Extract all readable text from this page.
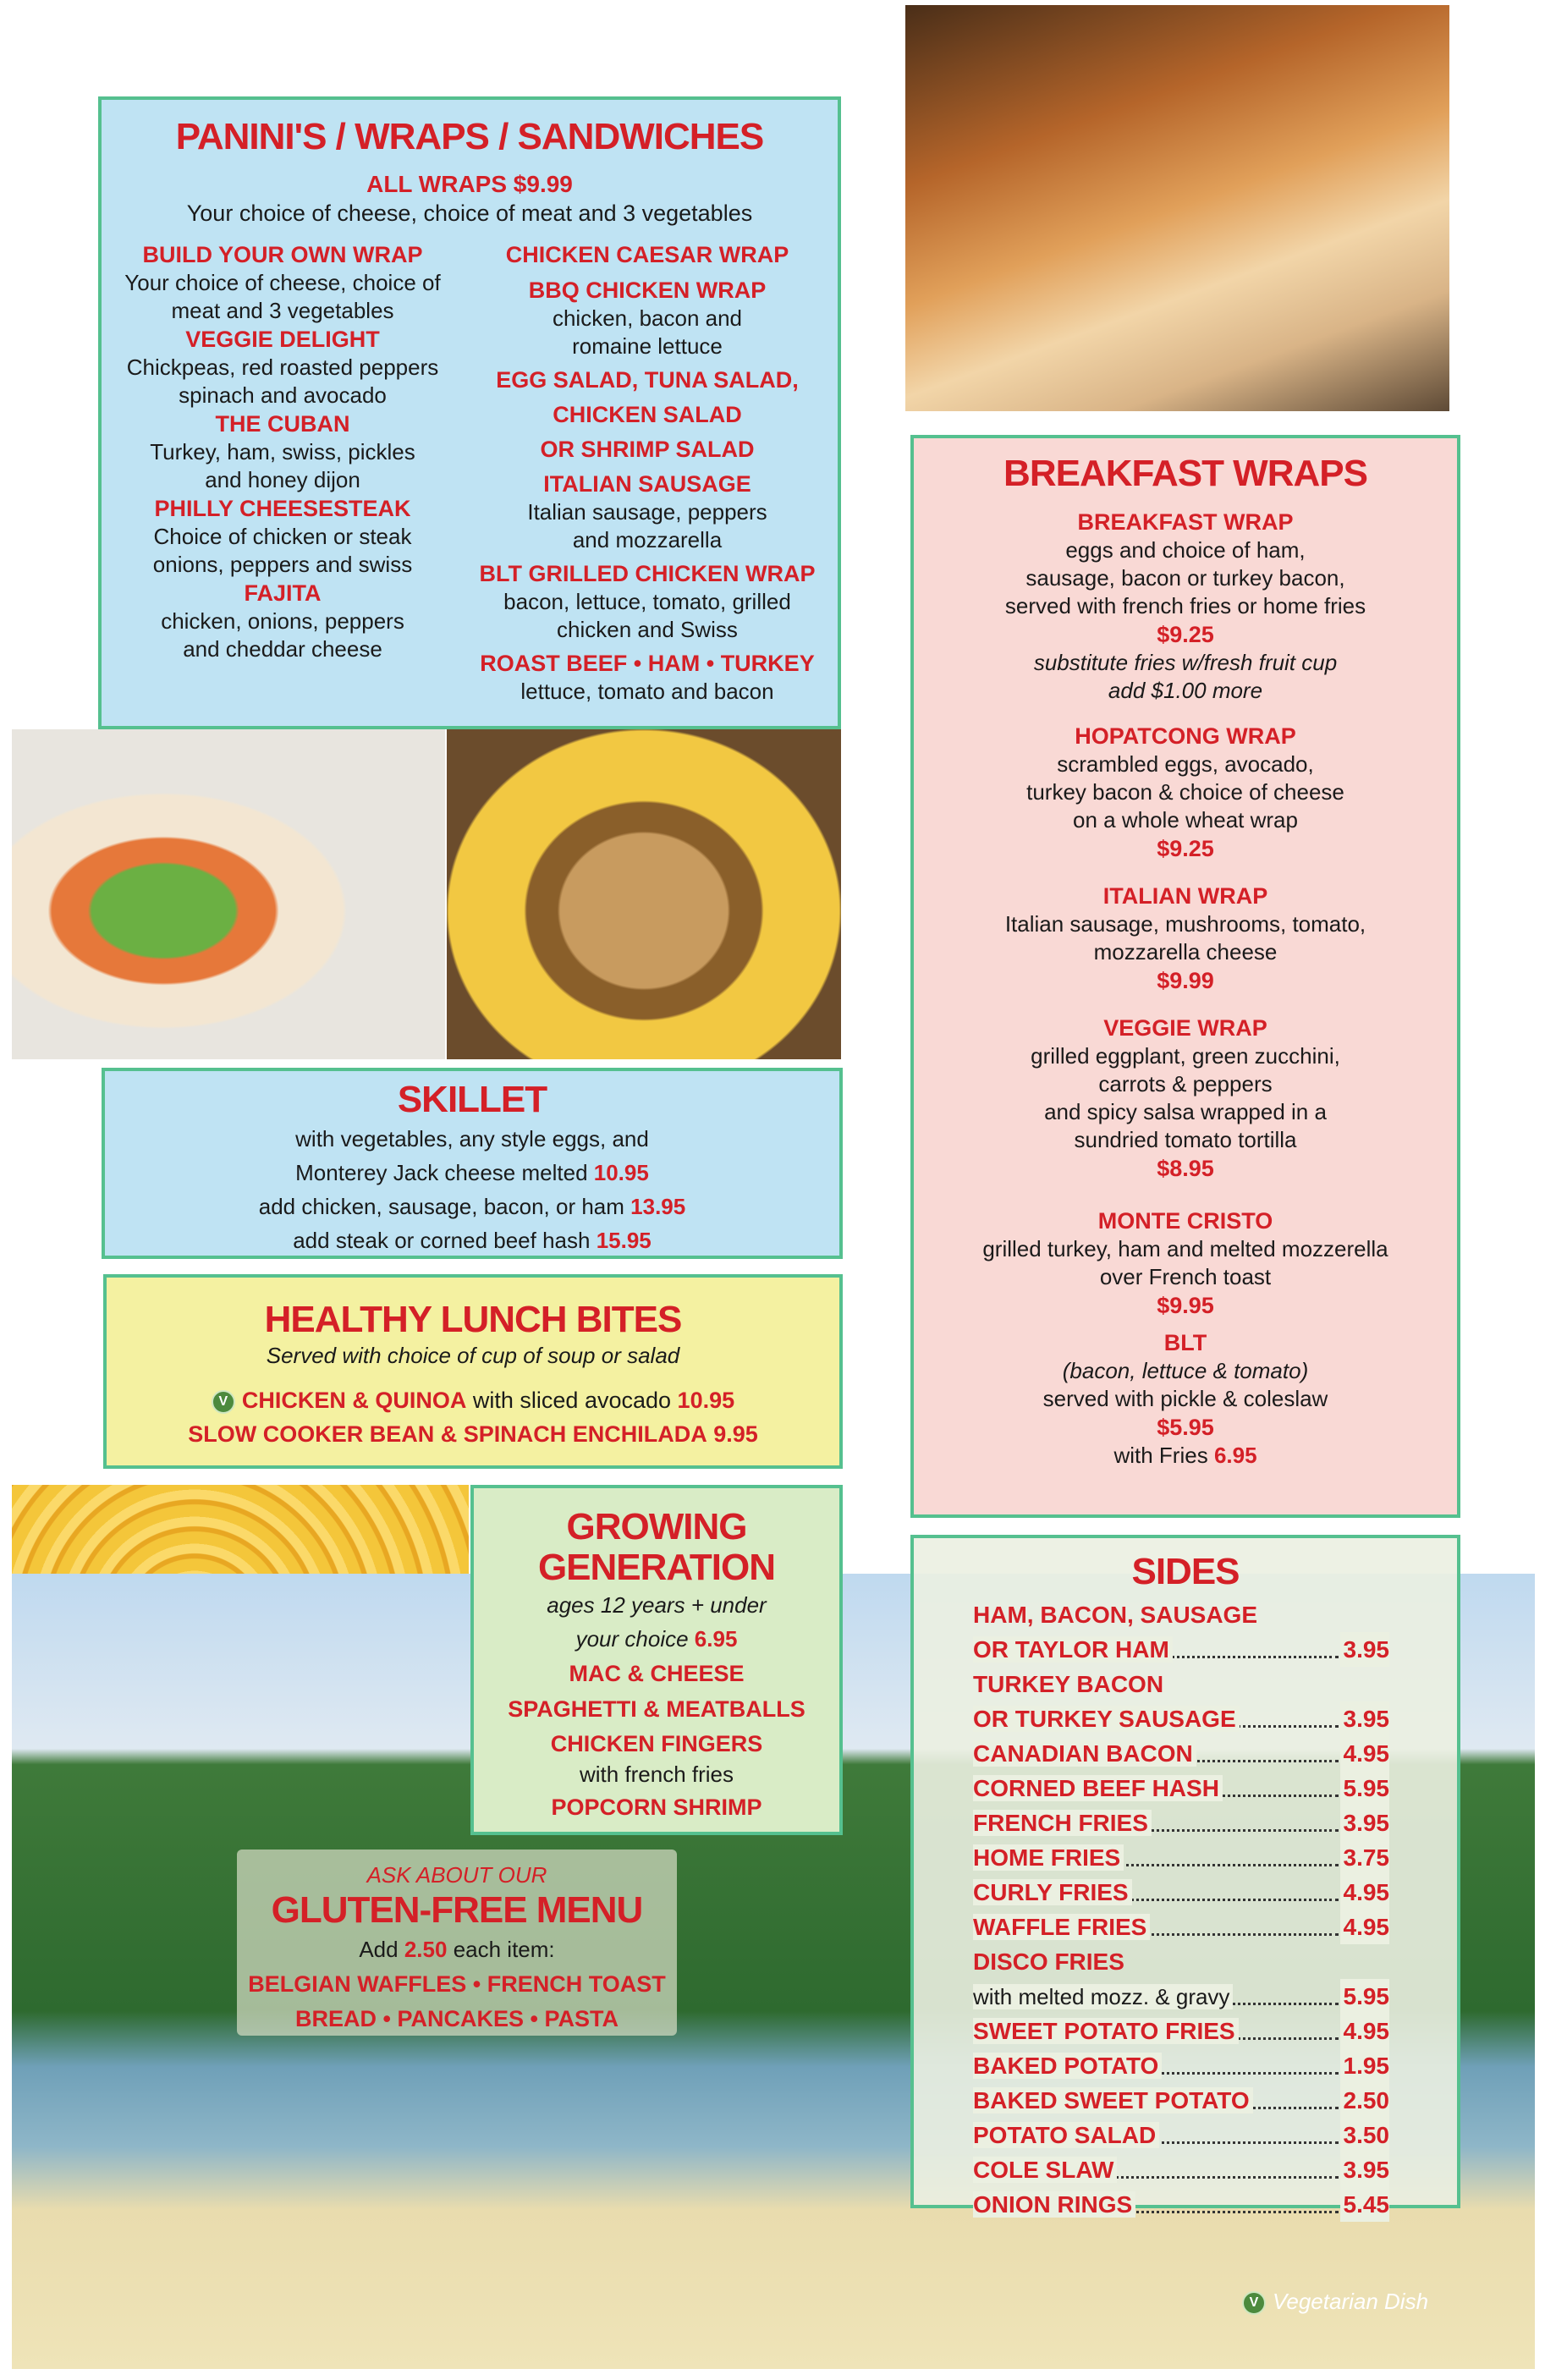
PANINI'S / WRAPS / SANDWICHES
ALL WRAPS $9.99
Your choice of cheese, choice of meat and 3 vegetables
BUILD YOUR OWN WRAP
Your choice of cheese, choice of
meat and 3 vegetables
VEGGIE DELIGHT
Chickpeas, red roasted peppers
spinach and avocado
THE CUBAN
Turkey, ham, swiss, pickles
and honey dijon
PHILLY CHEESESTEAK
Choice of chicken or steak
onions, peppers and swiss
FAJITA
chicken, onions, peppers
and cheddar cheese
CHICKEN CAESAR WRAP
BBQ CHICKEN WRAP
chicken, bacon and
romaine lettuce
EGG SALAD, TUNA SALAD,
CHICKEN SALAD
OR SHRIMP SALAD
ITALIAN SAUSAGE
Italian sausage, peppers
and mozzarella
BLT GRILLED CHICKEN WRAP
bacon, lettuce, tomato, grilled
chicken and Swiss
ROAST BEEF • HAM • TURKEY
lettuce, tomato and bacon
SKILLET
with vegetables, any style eggs, and
Monterey Jack cheese melted 10.95
add chicken, sausage, bacon, or ham 13.95
add steak or corned beef hash 15.95
HEALTHY LUNCH BITES
Served with choice of cup of soup or salad
V CHICKEN & QUINOA with sliced avocado 10.95
SLOW COOKER BEAN & SPINACH ENCHILADA 9.95
GROWING
GENERATION
ages 12 years + under
your choice 6.95
MAC & CHEESE
SPAGHETTI & MEATBALLS
CHICKEN FINGERS
with french fries
POPCORN SHRIMP
ASK ABOUT OUR
GLUTEN-FREE MENU
Add 2.50 each item:
BELGIAN WAFFLES • FRENCH TOAST
BREAD • PANCAKES • PASTA
BREAKFAST WRAPS
BREAKFAST WRAP
eggs and choice of ham,
sausage, bacon or turkey bacon,
served with french fries or home fries
$9.25
substitute fries w/fresh fruit cup
add $1.00 more
HOPATCONG WRAP
scrambled eggs, avocado,
turkey bacon & choice of cheese
on a whole wheat wrap
$9.25
ITALIAN WRAP
Italian sausage, mushrooms, tomato,
mozzarella cheese
$9.99
VEGGIE WRAP
grilled eggplant, green zucchini,
carrots & peppers
and spicy salsa wrapped in a
sundried tomato tortilla
$8.95
MONTE CRISTO
grilled turkey, ham and melted mozzerella
over French toast
$9.95
BLT
(bacon, lettuce & tomato)
served with pickle & coleslaw
$5.95
with Fries 6.95
SIDES
HAM, BACON, SAUSAGE
OR TAYLOR HAM	3.95
TURKEY BACON
OR TURKEY SAUSAGE	3.95
CANADIAN BACON	4.95
CORNED BEEF HASH	5.95
FRENCH FRIES	3.95
HOME FRIES	3.75
CURLY FRIES	4.95
WAFFLE FRIES	4.95
DISCO FRIES
with melted mozz. & gravy	5.95
SWEET POTATO FRIES	4.95
BAKED POTATO	1.95
BAKED SWEET POTATO	2.50
POTATO SALAD	3.50
COLE SLAW	3.95
ONION RINGS	5.45
V Vegetarian Dish
